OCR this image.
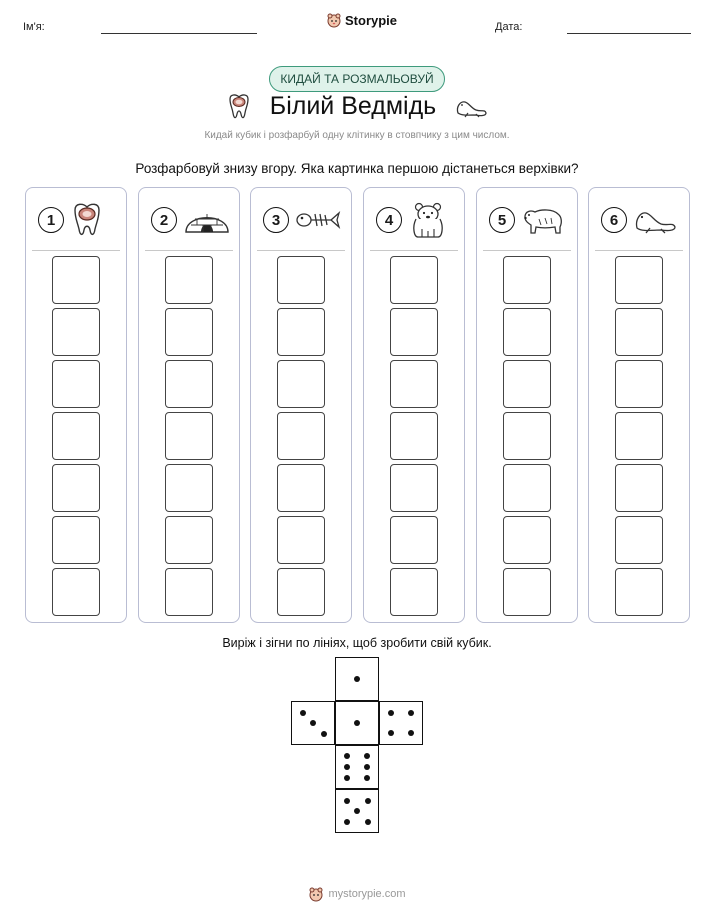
Ім'я:	Storypie	Дата:
КИДАЙ ТА РОЗМАЛЬОВУЙ
Білий Ведмідь
Кидай кубик і розфарбуй одну клітинку в стовпчику з цим числом.
Розфарбовуй знизу вгору. Яка картинка першою дістанеться верхівки?
1	2	3	4	5	6
Виріж і зігни по лініях, щоб зробити свій кубик.
mystorypie.com
